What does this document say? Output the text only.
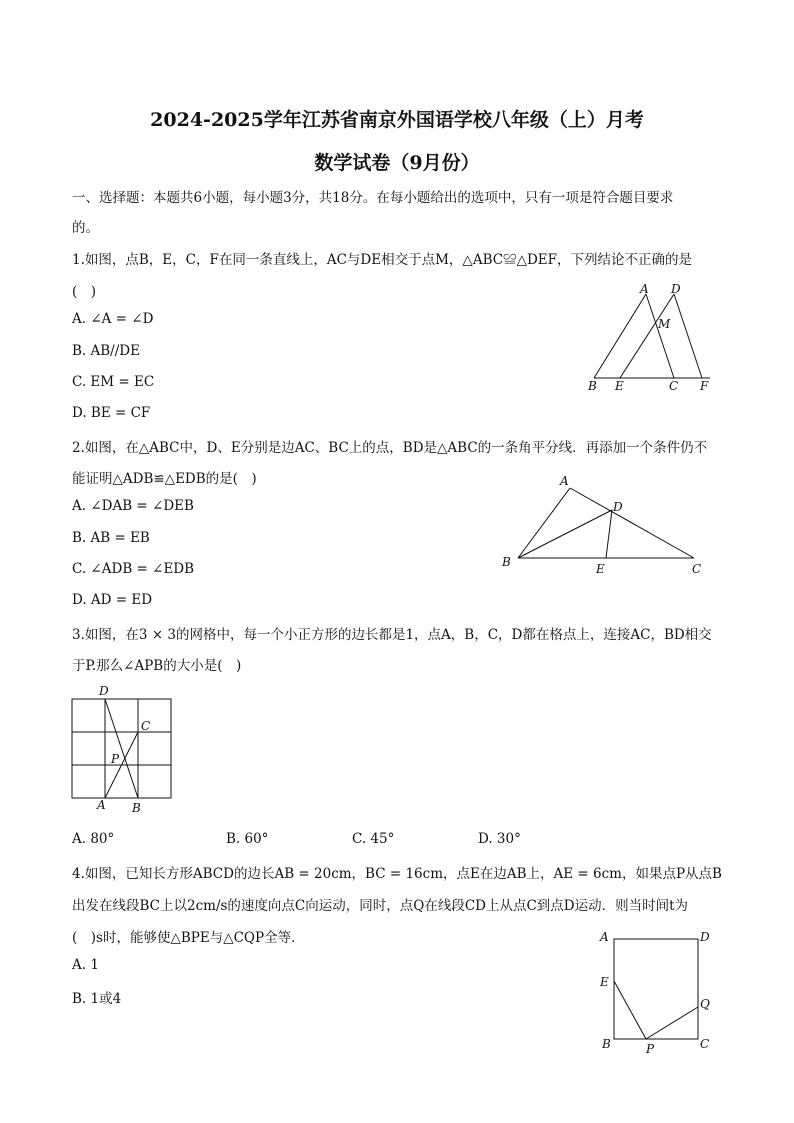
2024-2025学年江苏省南京外国语学校八年级（上）月考
数学试卷（9月份）
一、选择题：本题共6小题，每小题3分，共18分。在每小题给出的选项中，只有一项是符合题目要求
的。
1.如图，点B，E，C，F在同一条直线上，AC与DE相交于点M，△ABC≌△DEF，下列结论不正确的是
(　)
A. ∠A = ∠D
B. AB//DE
C. EM = EC
D. BE = CF
A D
M
B E	C F
2.如图，在△ABC中，D、E分别是边AC、BC上的点，BD是△ABC的一条角平分线．再添加一个条件仍不
能证明△ADB≌△EDB的是(　)
A. ∠DAB = ∠DEB
B. AB = EB
C. ∠ADB = ∠EDB
D. AD = ED
A
D
B	E	C
3.如图，在3 × 3的网格中，每一个小正方形的边长都是1，点A，B，C，D都在格点上，连接AC，BD相交
于P.那么∠APB的大小是(　)
D
C
P
A B
A. 80°	B. 60°	C. 45°	D. 30°
4.如图，已知长方形ABCD的边长AB = 20cm，BC = 16cm，点E在边AB上，AE = 6cm，如果点P从点B
出发在线段BC上以2cm/s的速度向点C向运动，同时，点Q在线段CD上从点C到点D运动．则当时间t为
(　)s时，能够使△BPE与△CQP全等．
A. 1
B. 1或4
A	D
E
Q
B	P	C
